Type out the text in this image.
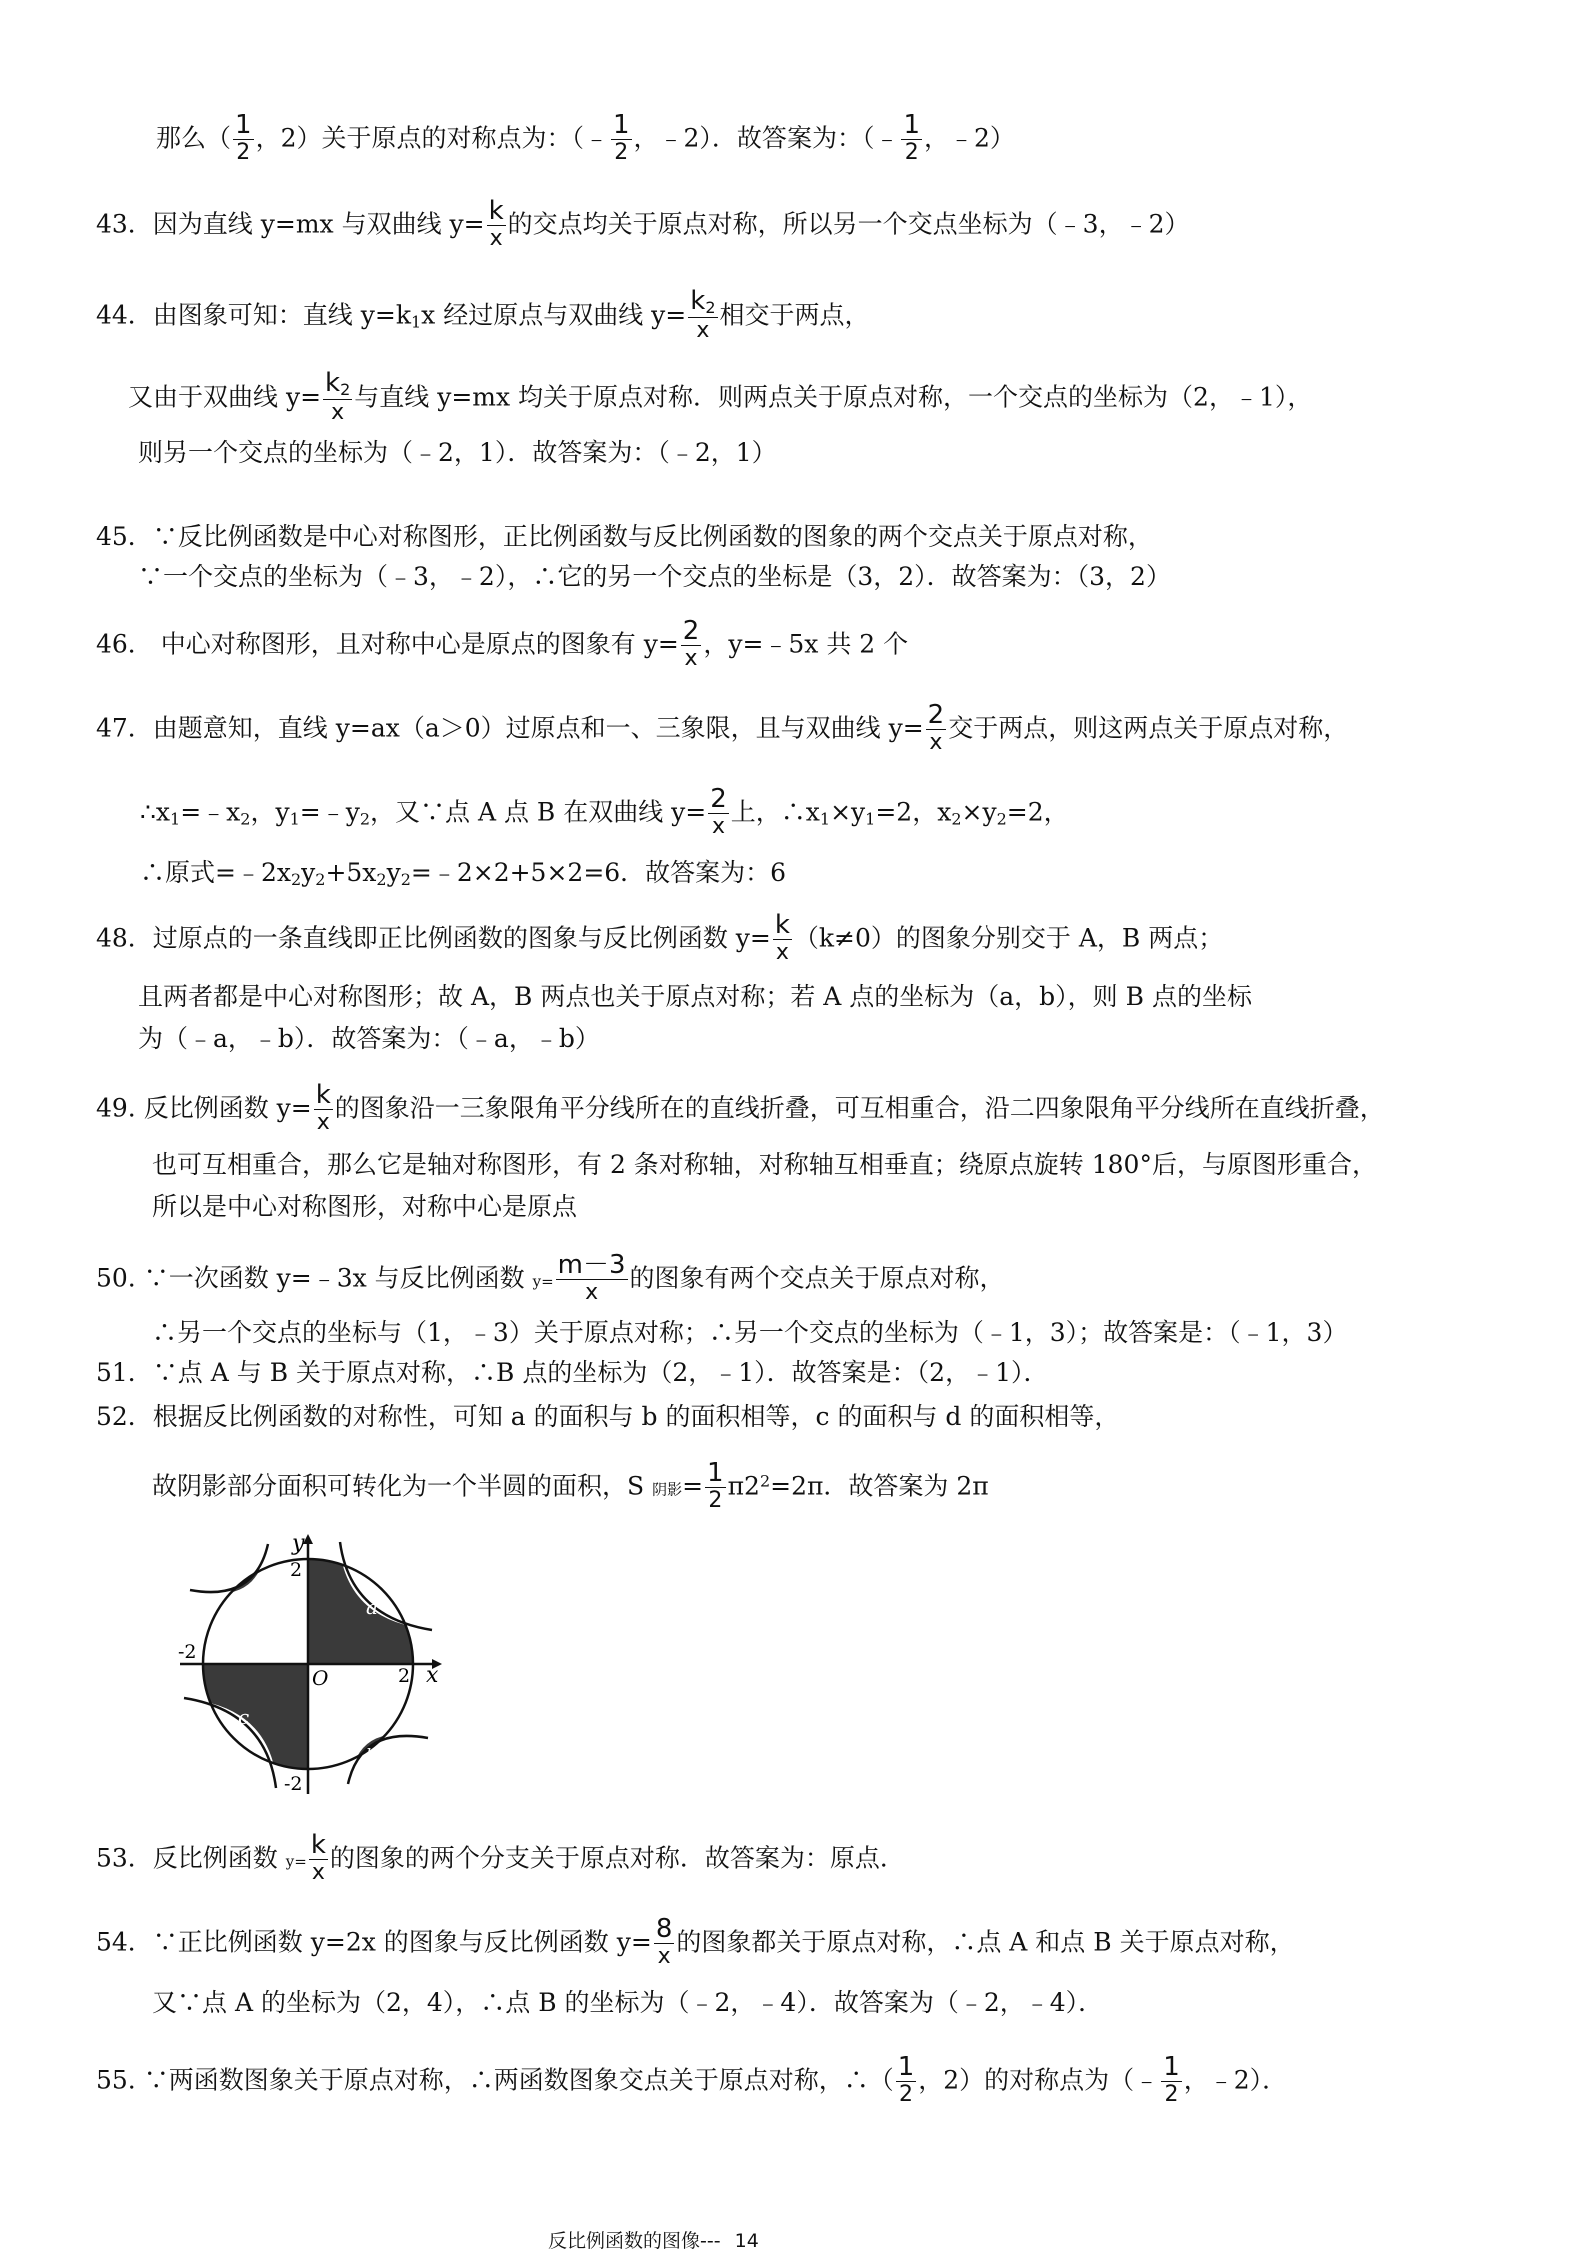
那么（ $\frac{1}{2}$ ，2）关于原点的对称点为：（﹣ $\frac{1}{2}$ ，﹣2）．故答案为：（﹣ $\frac{1}{2}$ ，﹣2）
43．因为直线 y=mx 与双曲线 $y= \frac{k}{x}$ 的交点均关于原点对称，所以另一个交点坐标为（﹣3，﹣2）
44．由图象可知：直线 $y=k_1x$ 经过原点与双曲线 $y= \frac{k_2}{x}$ 相交于两点，
又由于双曲线 $y= \frac{k_2}{x}$ 与直线 y=mx 均关于原点对称．则两点关于原点对称，一个交点的坐标为（2，﹣1），
则另一个交点的坐标为（﹣2，1）．故答案为：（﹣2，1）
45．∵反比例函数是中心对称图形，正比例函数与反比例函数的图象的两个交点关于原点对称，
∵一个交点的坐标为（﹣3，﹣2），∴它的另一个交点的坐标是（3，2）．故答案为：（3，2）
46． 中心对称图形，且对称中心是原点的图象有 $y= \frac{2}{x}$ ，y=﹣5x 共 2 个
47．由题意知，直线 y=ax（a＞0）过原点和一、三象限，且与双曲线 $y= \frac{2}{x}$ 交于两点，则这两点关于原点对称，
$\therefore x_1=﹣x_2$，$y_1=﹣y_2$，又∵点 A 点 B 在双曲线 $y= \frac{2}{x}$ 上，$\therefore x_1\times y_1=2$，$x_2\times y_2=2$，
∴原式$=﹣2x_2y_2+5x_2y_2=﹣2\times 2+5\times 2=6$．故答案为：6
48．过原点的一条直线即正比例函数的图象与反比例函数 $y= \frac{k}{x} (k\ne 0)$的图象分别交于 A，B 两点；
且两者都是中心对称图形；故 A，B 两点也关于原点对称；若 A 点的坐标为（a，b），则 B 点的坐标
为（﹣a，﹣b）．故答案为：（﹣a，﹣b）
49. 反比例函数 $y= \frac{k}{x}$ 的图象沿一三象限角平分线所在的直线折叠，可互相重合，沿二四象限角平分线所在直线折叠，
也可互相重合，那么它是轴对称图形，有 2 条对称轴，对称轴互相垂直；绕原点旋转 180°后，与原图形重合，
所以是中心对称图形，对称中心是原点
50. ∵一次函数 y=﹣3x 与反比例函数 $y= \frac{m-3}{x}$ 的图象有两个交点关于原点对称，
∴另一个交点的坐标与（1，﹣3）关于原点对称；∴另一个交点的坐标为（﹣1，3）；故答案是：（﹣1，3）
51．∵点 A 与 B 关于原点对称，∴B 点的坐标为（2，﹣1）．故答案是：（2，﹣1）．
52．根据反比例函数的对称性，可知 a 的面积与 b 的面积相等，c 的面积与 d 的面积相等，
故阴影部分面积可转化为一个半圆的面积，S 阴影= $\frac{1}{2} \pi 2^2=2\pi$．故答案为 2π
y
x
O
2
2
-2
-2
a
c
d
b
53．反比例函数 $y= \frac{k}{x}$ 的图象的两个分支关于原点对称．故答案为：原点．
54．∵正比例函数 y=2x 的图象与反比例函数 $y= \frac{8}{x}$ 的图象都关于原点对称，∴点 A 和点 B 关于原点对称，
又∵点 A 的坐标为（2，4），∴点 B 的坐标为（﹣2，﹣4）．故答案为（﹣2，﹣4）．
55. ∵两函数图象关于原点对称，∴两函数图象交点关于原点对称，∴（ $\frac{1}{2}$ ，2）的对称点为（﹣ $\frac{1}{2}$ ，﹣2）．
反比例函数的图像--- 14
